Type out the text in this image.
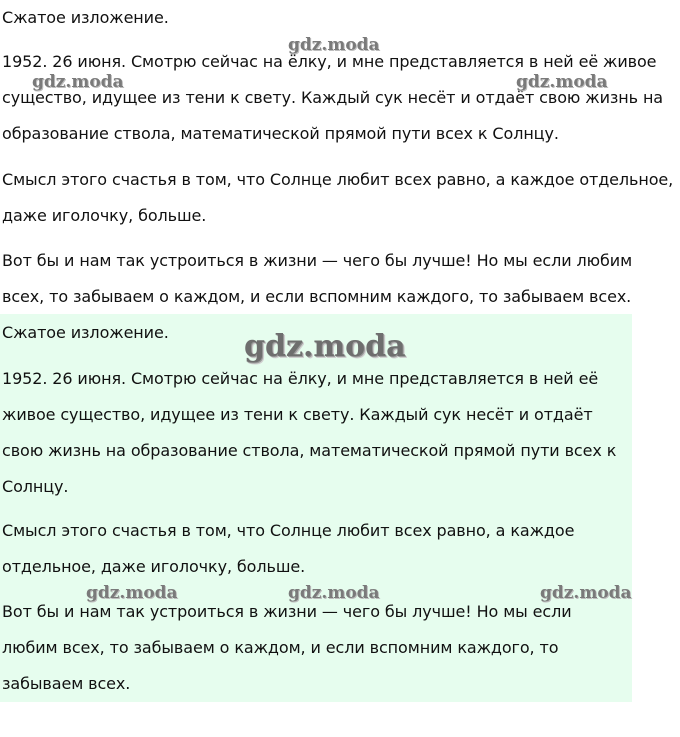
Сжатое изложение.

1952. 26 июня. Смотрю сейчас на ёлку, и мне представляется в ней её живое
существо, идущее из тени к свету. Каждый сук несёт и отдаёт свою жизнь на
образование ствола, математической прямой пути всех к Солнцу.

Смысл этого счастья в том, что Солнце любит всех равно, а каждое отдельное,
даже иголочку, больше.

Вот бы и нам так устроиться в жизни — чего бы лучше! Но мы если любим
всех, то забываем о каждом, и если вспомним каждого, то забываем всех.

Сжатое изложение.

1952. 26 июня. Смотрю сейчас на ёлку, и мне представляется в ней её
живое существо, идущее из тени к свету. Каждый сук несёт и отдаёт
свою жизнь на образование ствола, математической прямой пути всех к
Солнцу.

Смысл этого счастья в том, что Солнце любит всех равно, а каждое
отдельное, даже иголочку, больше.

Вот бы и нам так устроиться в жизни — чего бы лучше! Но мы если
любим всех, то забываем о каждом, и если вспомним каждого, то
забываем всех.

gdz.moda
gdz.moda	gdz.moda
gdz.moda
gdz.moda	gdz.moda	gdz.moda
